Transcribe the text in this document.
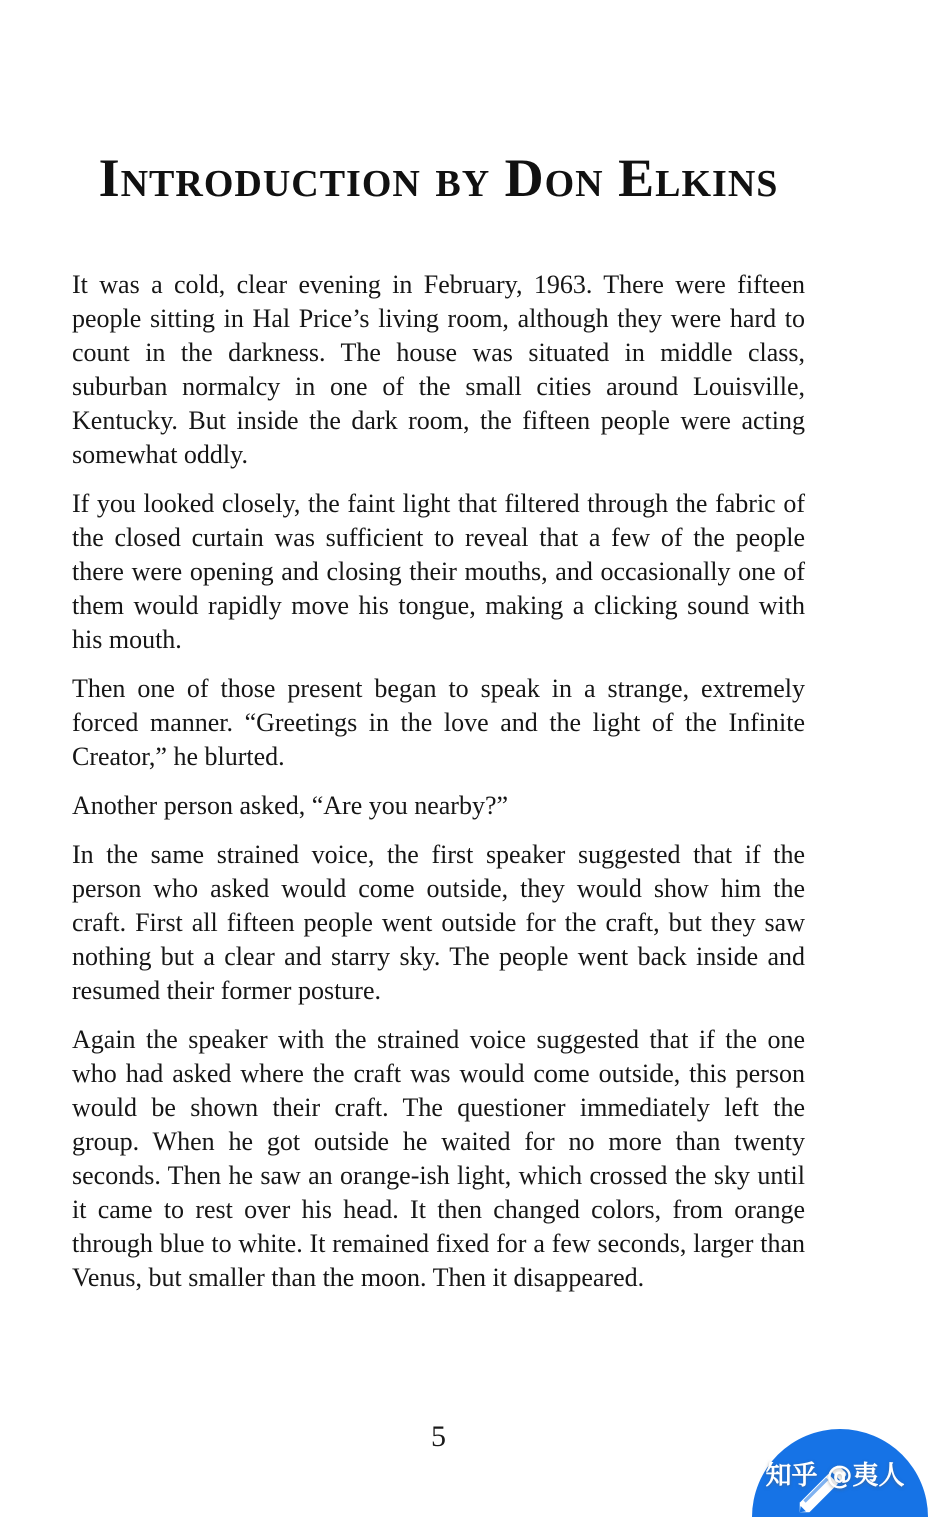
Introduction by Don Elkins

It was a cold, clear evening in February, 1963. There were fifteen people sitting in Hal Price’s living room, although they were hard to count in the darkness. The house was situated in middle class, suburban normalcy in one of the small cities around Louisville, Kentucky. But inside the dark room, the fifteen people were acting somewhat oddly.

If you looked closely, the faint light that filtered through the fabric of the closed curtain was sufficient to reveal that a few of the people there were opening and closing their mouths, and occasionally one of them would rapidly move his tongue, making a clicking sound with his mouth.

Then one of those present began to speak in a strange, extremely forced manner. “Greetings in the love and the light of the Infinite Creator,” he blurted.

Another person asked, “Are you nearby?”

In the same strained voice, the first speaker suggested that if the person who asked would come outside, they would show him the craft. First all fifteen people went outside for the craft, but they saw nothing but a clear and starry sky. The people went back inside and resumed their former posture.

Again the speaker with the strained voice suggested that if the one who had asked where the craft was would come outside, this person would be shown their craft. The questioner immediately left the group. When he got outside he waited for no more than twenty seconds. Then he saw an orange-ish light, which crossed the sky until it came to rest over his head. It then changed colors, from orange through blue to white. It remained fixed for a few seconds, larger than Venus, but smaller than the moon. Then it disappeared.

5
知乎 @夷人
